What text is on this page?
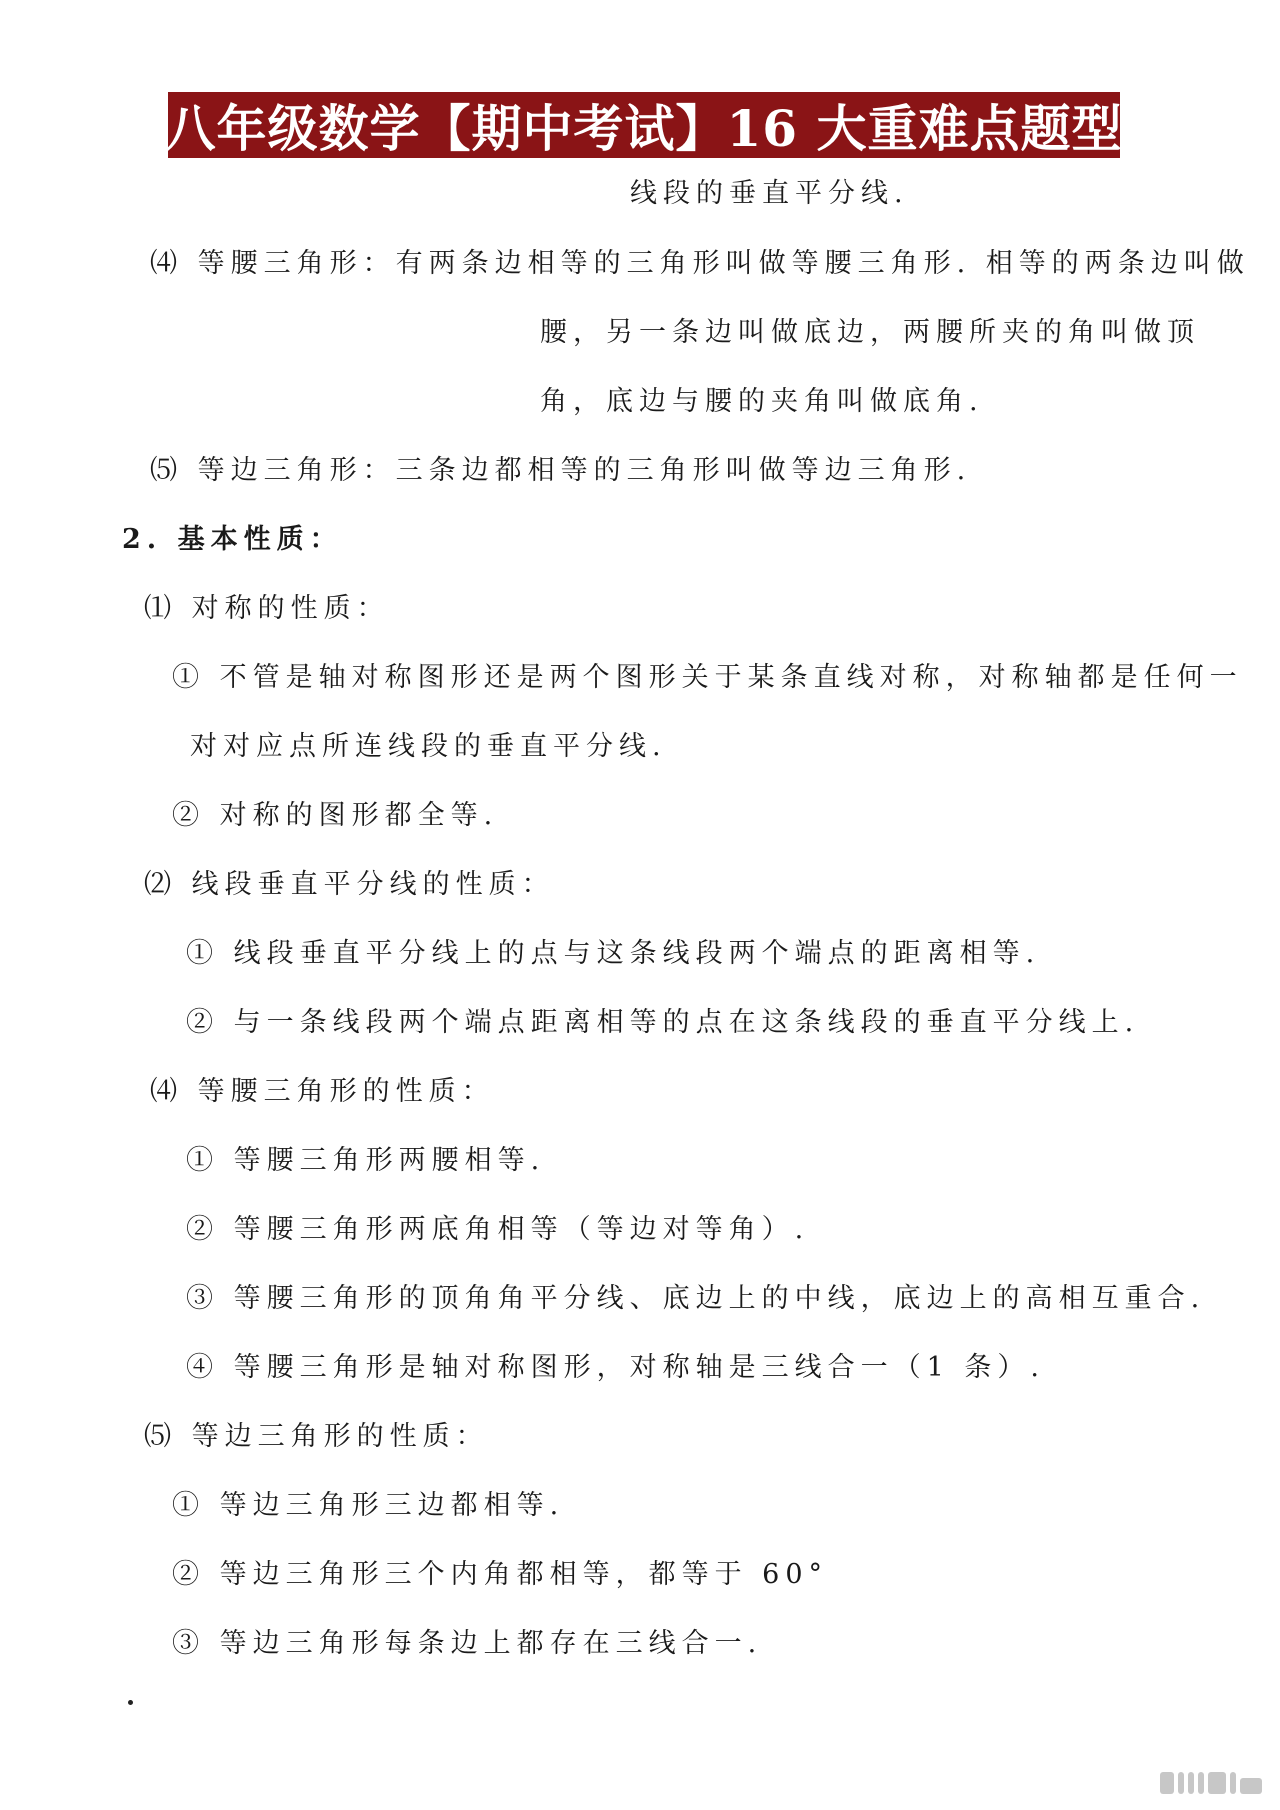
八年级数学【期中考试】16 大重难点题型
线段的垂直平分线.
⑷ 等腰三角形：有两条边相等的三角形叫做等腰三角形. 相等的两条边叫做
腰，另一条边叫做底边，两腰所夹的角叫做顶
角，底边与腰的夹角叫做底角.
⑸ 等边三角形：三条边都相等的三角形叫做等边三角形.
2. 基本性质：
⑴ 对称的性质：
① 不管是轴对称图形还是两个图形关于某条直线对称，对称轴都是任何一
对对应点所连线段的垂直平分线.
② 对称的图形都全等.
⑵ 线段垂直平分线的性质：
① 线段垂直平分线上的点与这条线段两个端点的距离相等.
② 与一条线段两个端点距离相等的点在这条线段的垂直平分线上.
⑷ 等腰三角形的性质：
① 等腰三角形两腰相等.
② 等腰三角形两底角相等（等边对等角）.
③ 等腰三角形的顶角角平分线、底边上的中线，底边上的高相互重合.
④ 等腰三角形是轴对称图形，对称轴是三线合一（1 条）.
⑸ 等边三角形的性质：
① 等边三角形三边都相等.
② 等边三角形三个内角都相等，都等于 60°
③ 等边三角形每条边上都存在三线合一.
